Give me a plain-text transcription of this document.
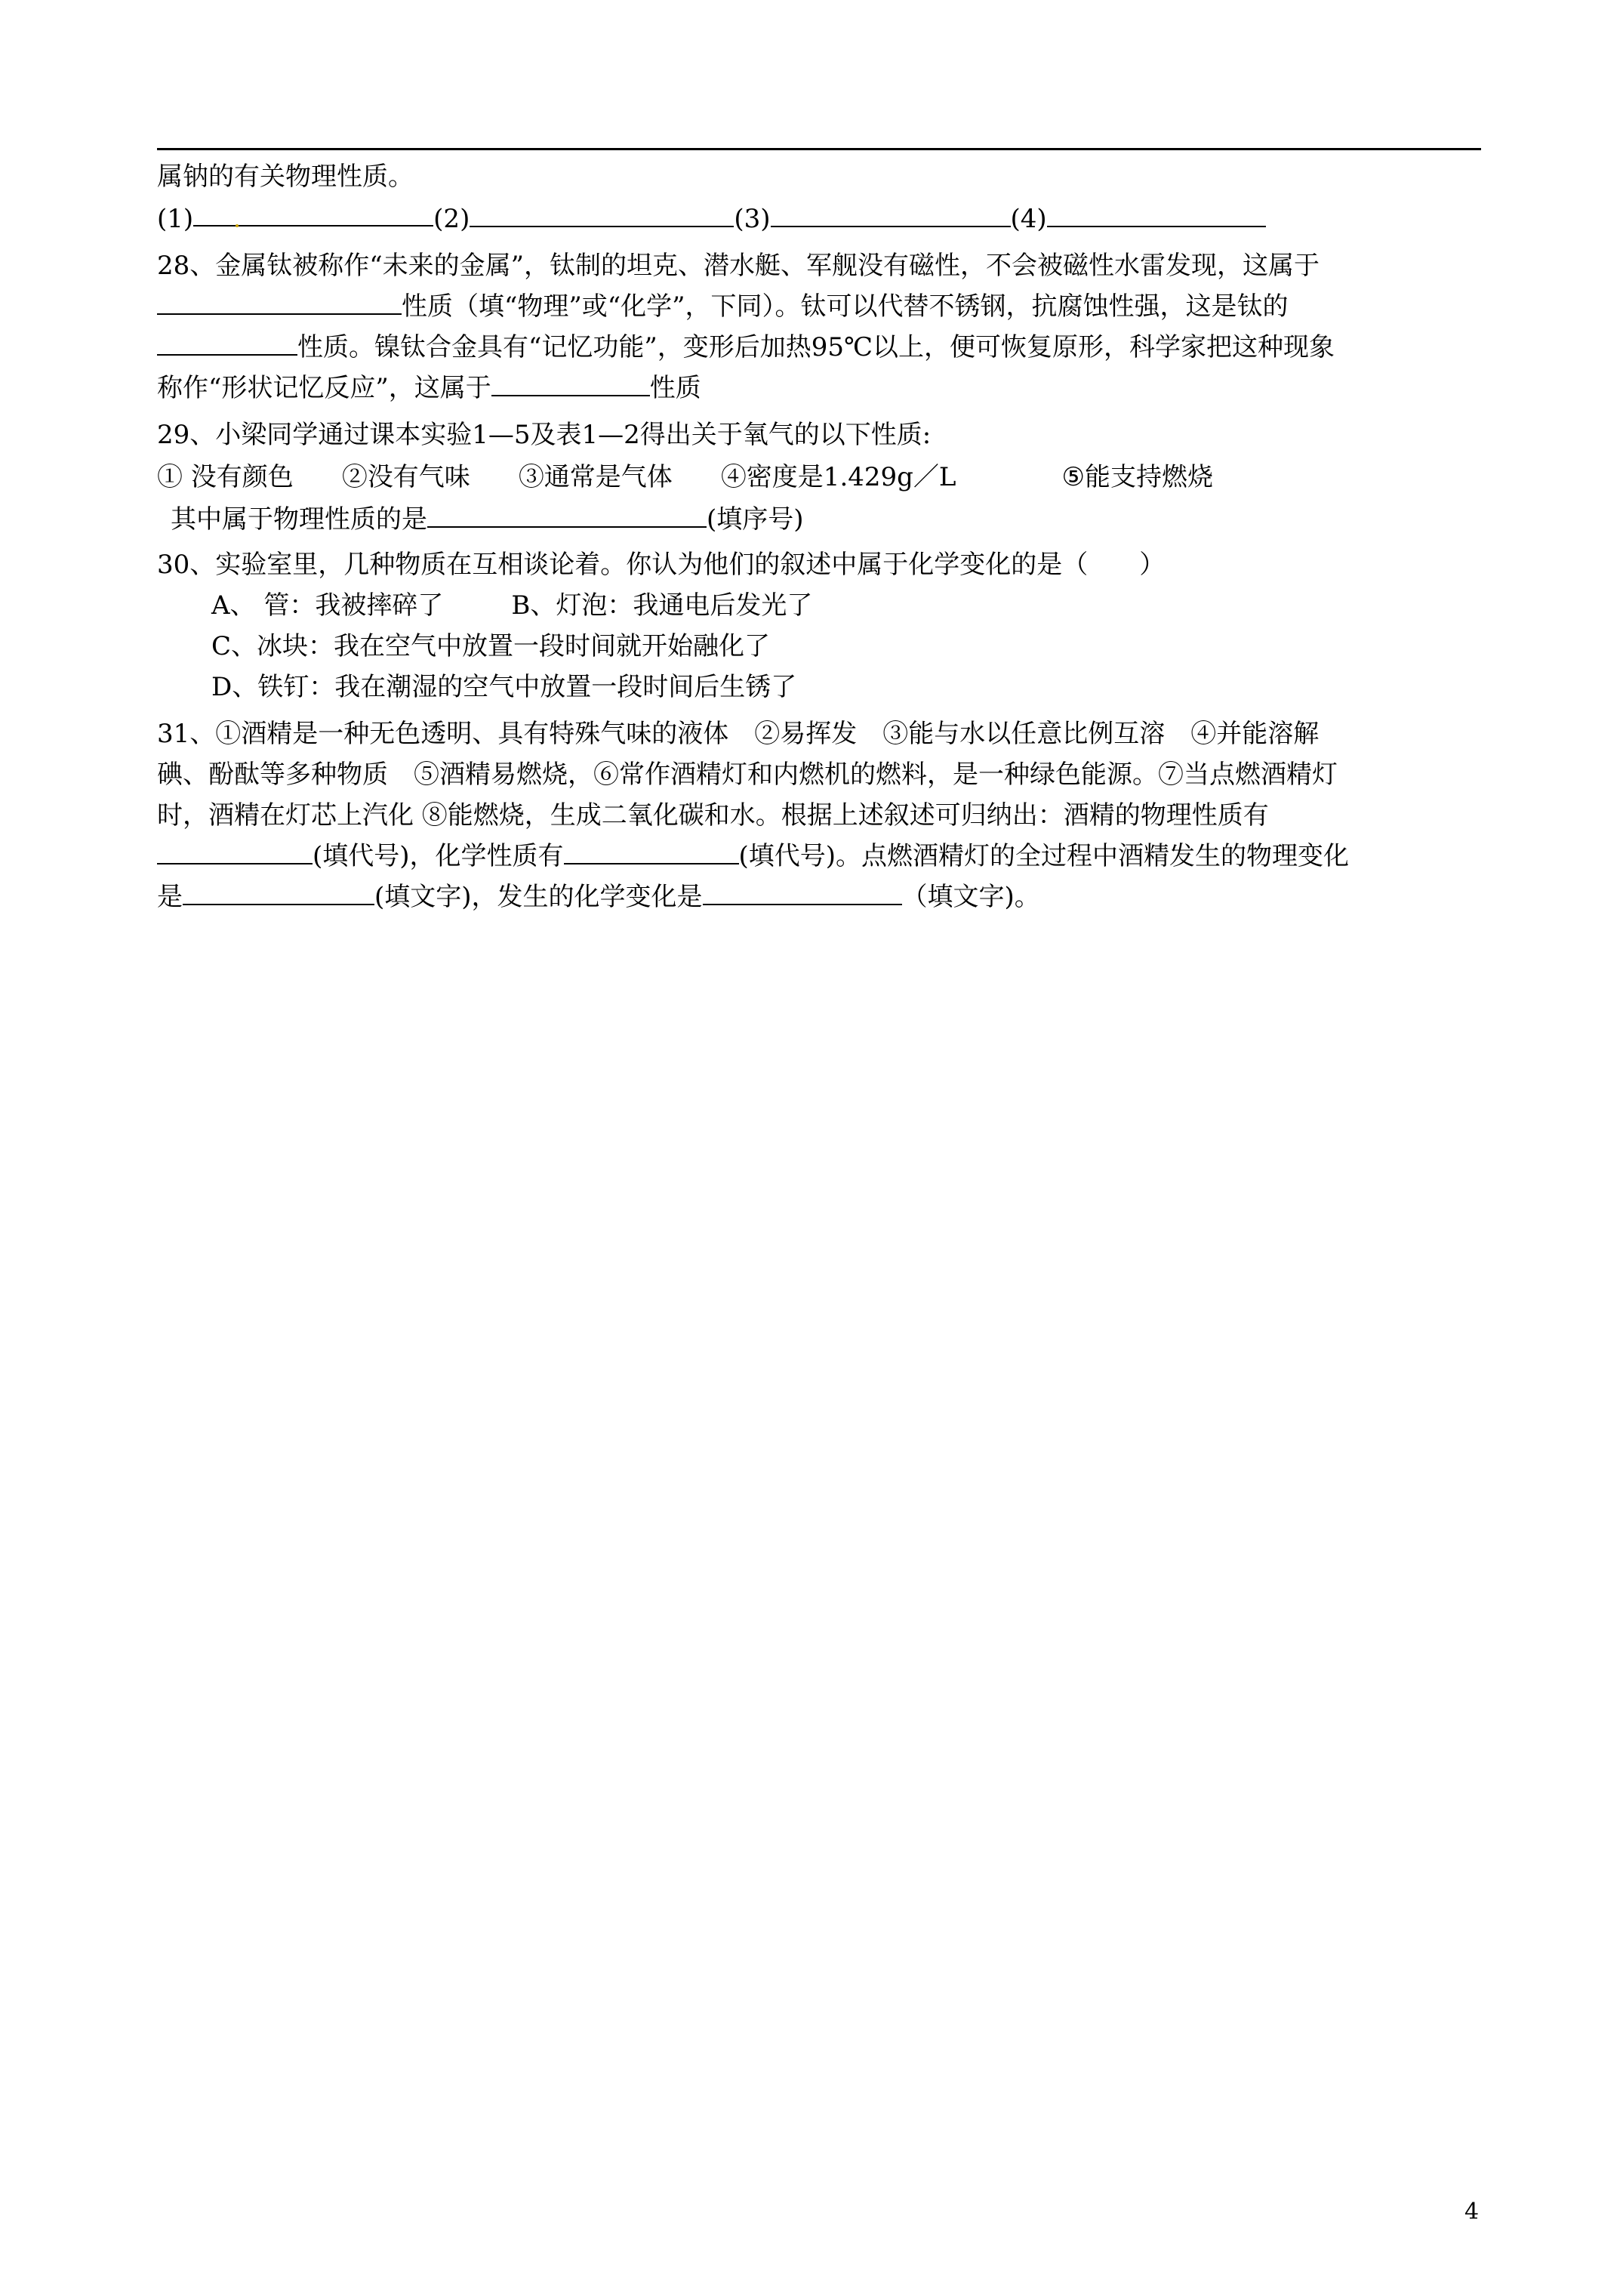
属钠的有关物理性质。
(1)	(2)	(3)	(4)
28、金属钛被称作“未来的金属”，钛制的坦克、潜水艇、军舰没有磁性，不会被磁性水雷发现，这属于
性质（填“物理”或“化学”，下同）。钛可以代替不锈钢，抗腐蚀性强，这是钛的
性质。镍钛合金具有“记忆功能”，变形后加热95℃以上，便可恢复原形，科学家把这种现象
称作“形状记忆反应”，这属于	性质
29、小梁同学通过课本实验1—5及表1—2得出关于氧气的以下性质:
① 没有颜色 ②没有气味 ③通常是气体 ④密度是1.429g／L	⑤能支持燃烧
其中属于物理性质的是	(填序号)
30、实验室里，几种物质在互相谈论着。你认为他们的叙述中属于化学变化的是（　　）
A、 管：我被摔碎了	B、灯泡：我通电后发光了
C、冰块：我在空气中放置一段时间就开始融化了
D、铁钉：我在潮湿的空气中放置一段时间后生锈了
31、①酒精是一种无色透明、具有特殊气味的液体　②易挥发　③能与水以任意比例互溶　④并能溶解
碘、酚酞等多种物质　⑤酒精易燃烧，⑥常作酒精灯和内燃机的燃料，是一种绿色能源。⑦当点燃酒精灯
时，酒精在灯芯上汽化 ⑧能燃烧，生成二氧化碳和水。根据上述叙述可归纳出：酒精的物理性质有
(填代号)，化学性质有	(填代号)。点燃酒精灯的全过程中酒精发生的物理变化
是	(填文字)，发生的化学变化是	（填文字)。
4
